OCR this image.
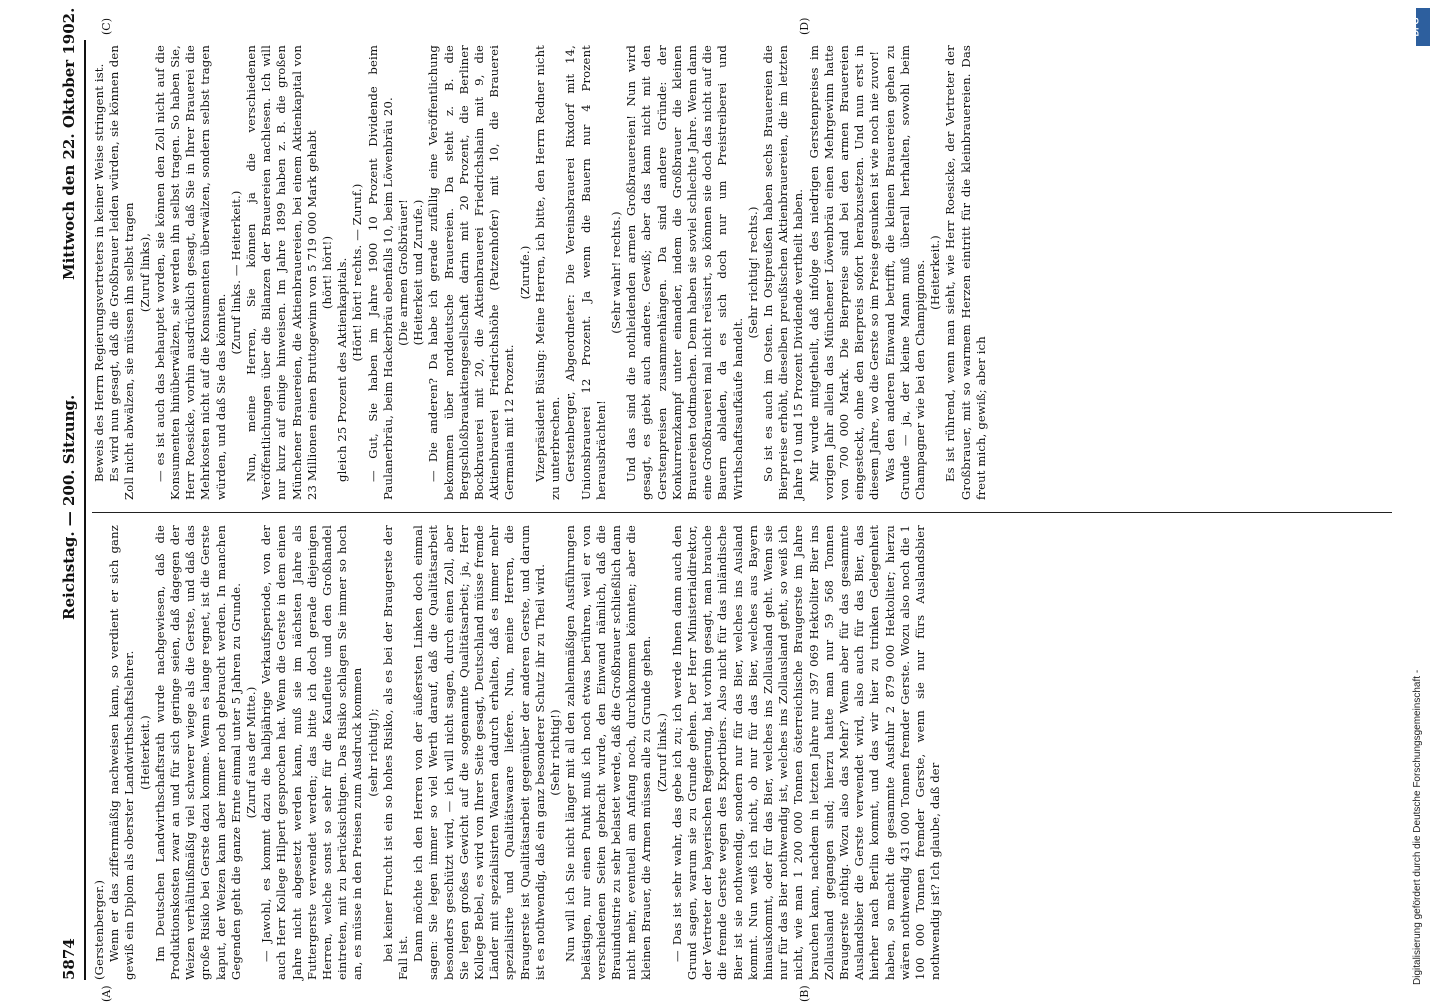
5874
Reichstag. — 200. Sitzung.
Mittwoch den 22. Oktober 1902.

(Gerstenberger.) Wenn er das ziffernmäßig nachweisen kann, so verdient er sich ganz gewiß ein Diplom als oberster Landwirthschaftslehrer. (Heiterkeit.) Im Deutschen Landwirthschaftsrath wurde nachgewiesen, daß die Produktionskosten zwar an und für sich geringe seien, daß dagegen der Weizen verhältnißmäßig viel schwerer wiege als die Gerste, und daß das große Risiko bei Gerste dazu komme. Wenn es lange regnet, ist die Gerste kaput, der Weizen kann aber immer noch gebraucht werden. In manchen Gegenden geht die ganze Ernte einmal unter 5 Jahren zu Grunde. (Zuruf aus der Mitte.) — Jawohl, es kommt dazu die halbjährige Verkaufsperiode, von der auch Herr Kollege Hilpert gesprochen hat. Wenn die Gerste in dem einen Jahre nicht abgesetzt werden kann, muß sie im nächsten Jahre als Futtergerste verwendet werden; das bitte ich doch gerade diejenigen Herren, welche sonst so sehr für die Kaufleute und den Großhandel eintreten, mit zu berücksichtigen. Das Risiko schlagen Sie immer so hoch an, es müsse in den Preisen zum Ausdruck kommen (sehr richtig!); bei keiner Frucht ist ein so hohes Risiko, als es bei der Braugerste der Fall ist. Dann möchte ich den Herren von der äußersten Linken doch einmal sagen: Sie legen immer so viel Werth darauf, daß die Qualitätsarbeit besonders geschützt wird, — ich will nicht sagen, durch einen Zoll, aber Sie legen großes Gewicht auf die sogenannte Qualitätsarbeit; ja, Herr Kollege Bebel, es wird von Ihrer Seite gesagt, Deutschland müsse fremde Länder mit spezialisirten Waaren dadurch erhalten, daß es immer mehr spezialisirte und Qualitätswaare liefere. Nun, meine Herren, die Braugerste ist Qualitätsarbeit gegenüber der anderen Gerste, und darum ist es nothwendig, daß ein ganz besonderer Schutz ihr zu Theil wird. (Sehr richtig!) Nun will ich Sie nicht länger mit all den zahlenmäßigen Ausführungen belästigen, nur einen Punkt muß ich noch etwas berühren, weil er von verschiedenen Seiten gebracht wurde, den Einwand nämlich, daß die Brauindustrie zu sehr belastet werde, daß die Großbrauer schließlich dann nicht mehr, eventuell am Anfang noch, durchkommen könnten; aber die kleinen Brauer, die Armen müssen alle zu Grunde gehen. (Zuruf links.) — Das ist sehr wahr, das gebe ich zu; ich werde Ihnen dann auch den Grund sagen, warum sie zu Grunde gehen. Der Herr Ministerialdirektor, der Vertreter der bayerischen Regierung, hat vorhin gesagt, man brauche die fremde Gerste wegen des Exportbiers. Also nicht für das inländische Bier ist sie nothwendig, sondern nur für das Bier, welches ins Ausland kommt. Nun weiß ich nicht, ob nur für das Bier, welches aus Bayern hinauskommt, oder für das Bier, welches ins Zollausland geht. Wenn sie nur für das Bier nothwendig ist, welches ins Zollausland geht, so weiß ich nicht, wie man 1 200 000 Tonnen österreichische Braugerste im Jahre brauchen kann, nachdem in letzten Jahre nur 397 069 Hektoliter Bier ins Zollausland gegangen sind; hierzu hatte man nur 59 568 Tonnen Braugerste nöthig. Wozu also das Mehr? Wenn aber für das gesammte Auslandsbier die Gerste verwendet wird, also auch für das Bier, das hierher nach Berlin kommt, und das wir hier zu trinken Gelegenheit haben, so macht die gesammte Ausfuhr 2 879 000 Hektoliter; hierzu wären nothwendig 431 000 Tonnen fremder Gerste. Wozu also noch die 1 100 000 Tonnen fremder Gerste, wenn sie nur fürs Auslandsbier nothwendig ist? Ich glaube, daß der

Beweis des Herrn Regierungsvertreters in keiner Weise stringent ist. Es wird nun gesagt, daß die Großbrauer leiden würden, sie können den Zoll nicht abwälzen, sie müssen ihn selbst tragen (Zuruf links), — es ist auch das behauptet worden, sie können den Zoll nicht auf die Konsumenten hinüberwälzen, sie werden ihn selbst tragen. So haben Sie, Herr Roesicke, vorhin ausdrücklich gesagt, daß Sie in Ihrer Brauerei die Mehrkosten nicht auf die Konsumenten überwälzen, sondern selbst tragen würden, und daß Sie das könnten.

(Zuruf links. — Heiterkeit.) Nun, meine Herren, Sie können ja die verschiedenen Veröffentlichungen über die Bilanzen der Brauereien nachlesen. Ich will nur kurz auf einige hinweisen. Im Jahre 1899 haben z. B. die großen Münchener Brauereien, die Aktienbrauereien, bei einem Aktienkapital von 23 Millionen einen Bruttogewinn von 5 719 000 Mark gehabt (hört! hört!) gleich 25 Prozent des Aktienkapitals. (Hört! hört! rechts. — Zuruf.) — Gut, Sie haben im Jahre 1900 10 Prozent Dividende beim Paulanerbräu, beim Hackerbräu ebenfalls 10, beim Löwenbräu 20. (Die armen Großbräuer! (Heiterkeit und Zurufe.) — Die anderen? Da habe ich gerade zufällig eine Veröffentlichung bekommen über norddeutsche Brauereien. Da steht z. B. die Bergschloßbrauaktiengesellschaft darin mit 20 Prozent, die Berliner Bockbrauerei mit 20, die Aktienbrauerei Friedrichshain mit 9, die Aktienbrauerei Friedrichshöhe (Patzenhofer) mit 10, die Brauerei Germania mit 12 Prozent.

(Zurufe.) Vizepräsident Büsing: Meine Herren, ich bitte, den Herrn Redner nicht zu unterbrechen. Gerstenberger, Abgeordneter: Die Vereinsbrauerei Rixdorf mit 14, Unionsbrauerei 12 Prozent. Ja wenn die Bauern nur 4 Prozent herausbrächten!

(Sehr wahr! rechts.) Und das sind die nothleidenden armen Großbrauereien! Nun wird gesagt, es giebt auch andere. Gewiß; aber das kann nicht mit den Gerstenpreisen zusammenhängen. Da sind andere Gründe: der Konkurrenzkampf unter einander, indem die Großbrauer die kleinen Brauereien todtmachen. Denn haben sie soviel schlechte Jahre. Wenn dann eine Großbrauerei mal nicht reüssirt, so können sie doch das nicht auf die Bauern abladen, da es sich doch nur um Preistreiberei und Wirthschaftsaufkäufe handelt.

(Sehr richtig! rechts.) So ist es auch im Osten. In Ostpreußen haben sechs Brauereien die Bierpreise erhöht, dieselben preußischen Aktienbrauereien, die im letzten Jahre 10 und 15 Prozent Dividende vertheilt haben. Mir wurde mitgetheilt, daß infolge des niedrigen Gerstenpreises im vorigen Jahr allein das Münchener Löwenbräu einen Mehrgewinn hatte von 700 000 Mark. Die Bierpreise sind bei den armen Brauereien eingesteckt, ohne den Bierpreis sofort herabzusetzen. Und nun erst in diesem Jahre, wo die Gerste so im Preise gesunken ist wie noch nie zuvor! Was den anderen Einwand betrifft, die kleinen Brauereien gehen zu Grunde — ja, der kleine Mann muß überall herhalten, sowohl beim Champagner wie bei den Champignons. (Heiterkeit.) Es ist rührend, wenn man sieht, wie Herr Roesicke, der Vertreter der Großbrauer, mit so warmem Herzen eintritt für die kleinbrauereien. Das freut mich, gewiß; aber ich

(A)	(B)
(C)	(D)
Digitalisierung gefördert durch die Deutsche Forschungsgemeinschaft -
DFG
